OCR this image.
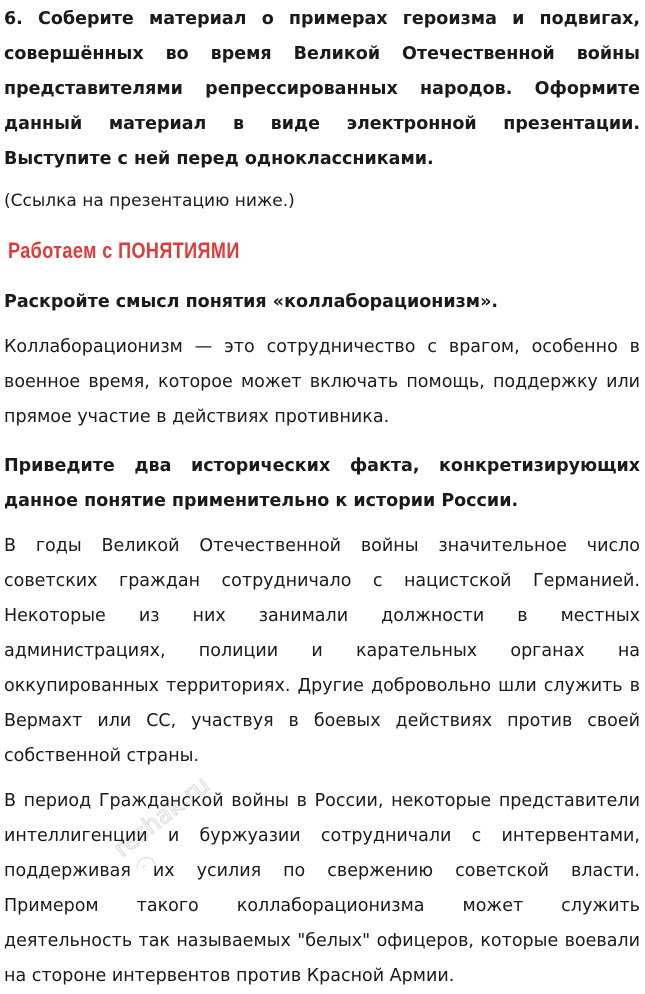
6. Соберите материал о примерах героизма и подвигах, совершённых во время Великой Отечественной войны представителями репрессированных народов. Оформите данный материал в виде электронной презентации. Выступите с ней перед одноклассниками.

(Ссылка на презентацию ниже.)

Работаем с ПОНЯТИЯМИ

Раскройте смысл понятия «коллаборационизм».

Коллаборационизм — это сотрудничество с врагом, особенно в военное время, которое может включать помощь, поддержку или прямое участие в действиях противника.

Приведите два исторических факта, конкретизирующих данное понятие применительно к истории России.

В годы Великой Отечественной войны значительное число советских граждан сотрудничало с нацистской Германией. Некоторые из них занимали должности в местных администрациях, полиции и карательных органах на оккупированных территориях. Другие добровольно шли служить в Вермахт или СС, участвуя в боевых действиях против своей собственной страны.

В период Гражданской войны в России, некоторые представители интеллигенции и буржуазии сотрудничали с интервентами, поддерживая их усилия по свержению советской власти. Примером такого коллаборационизма может служить деятельность так называемых "белых" офицеров, которые воевали на стороне интервентов против Красной Армии.

reshak.ru
